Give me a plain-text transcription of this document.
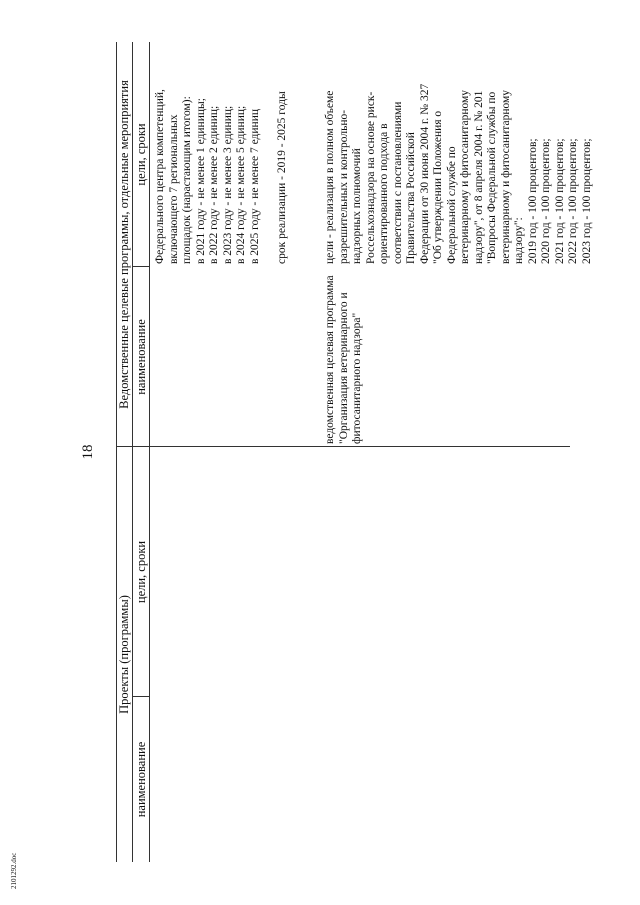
18
Проекты (программы)
Ведомственные целевые программы, отдельные мероприятия
наименование
цели, сроки
наименование
цели, сроки Федерального центра компетенций, включающего 7 региональных площадок (нарастающим итогом): в 2021 году - не менее 1 единицы; в 2022 году - не менее 2 единиц; в 2023 году - не менее 3 единиц; в 2024 году - не менее 5 единиц; в 2025 году - не менее 7 единиц

срок реализации - 2019 - 2025 годы

ведомственная целевая программа "Организация ветеринарного и фитосанитарного надзора"

цели - реализация в полном объеме разрешительных и контрольно- надзорных полномочий Россельхознадзора на основе риск- ориентированного подхода в соответствии с постановлениями Правительства Российской Федерации от 30 июня 2004 г. № 327 "Об утверждении Положения о Федеральной службе по ветеринарному и фитосанитарному надзору", от 8 апреля 2004 г. № 201 "Вопросы Федеральной службы по ветеринарному и фитосанитарному надзору": 2019 год - 100 процентов; 2020 год - 100 процентов; 2021 год - 100 процентов; 2022 год - 100 процентов; 2023 год - 100 процентов;

2101292.doc
